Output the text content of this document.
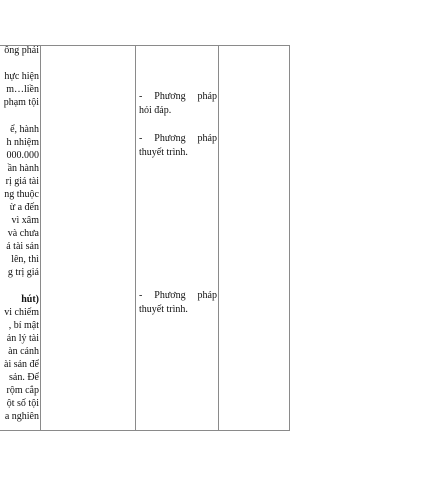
ông phải
hực hiện
m…liền
phạm tội
ể, hành
h nhiệm
000.000
ần hành
rị giá tài
ng thuộc
ừ a đến
vì xâm
và chưa
á tài sản
lên, thì
g trị giá
hút)
vi chiếm
, bí mật
ản lý tài
àn cảnh
ài sản để
sản. Để
rộm cắp
ột số tội
a nghiên
- Phương pháp
hỏi đáp.
- Phương pháp
thuyết trình.
- Phương pháp
thuyết trình.
